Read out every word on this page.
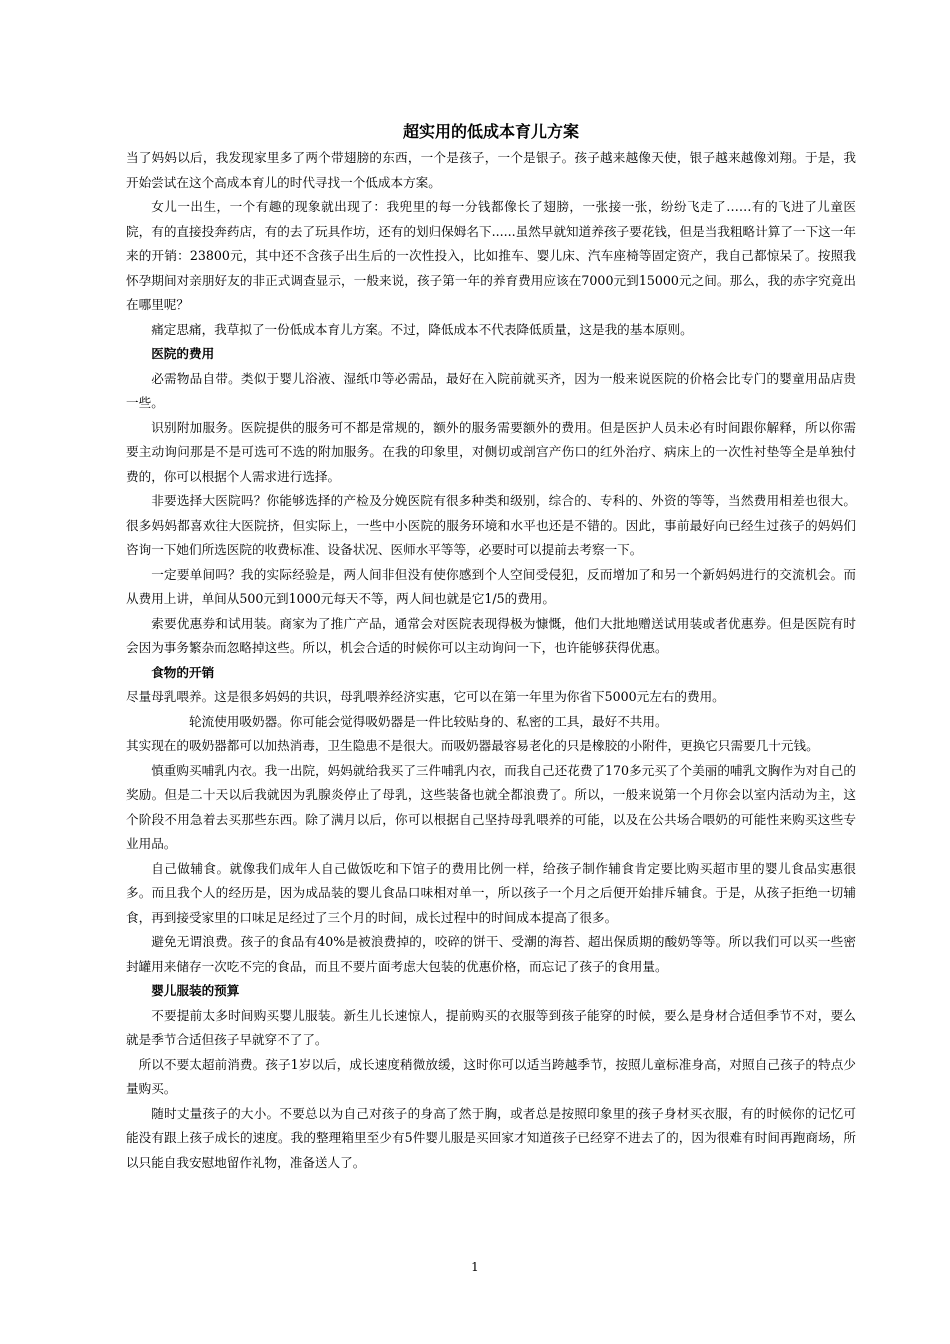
超实用的低成本育儿方案

当了妈妈以后，我发现家里多了两个带翅膀的东西，一个是孩子，一个是银子。孩子越来越像天使，银子越来越像刘翔。于是，我开始尝试在这个高成本育儿的时代寻找一个低成本方案。

女儿一出生，一个有趣的现象就出现了：我兜里的每一分钱都像长了翅膀，一张接一张，纷纷飞走了……有的飞进了儿童医院，有的直接投奔药店，有的去了玩具作坊，还有的划归保姆名下......虽然早就知道养孩子要花钱，但是当我粗略计算了一下这一年来的开销：23800元，其中还不含孩子出生后的一次性投入，比如推车、婴儿床、汽车座椅等固定资产，我自己都惊呆了。按照我怀孕期间对亲朋好友的非正式调查显示，一般来说，孩子第一年的养育费用应该在7000元到15000元之间。那么，我的赤字究竟出在哪里呢？

痛定思痛，我草拟了一份低成本育儿方案。不过，降低成本不代表降低质量，这是我的基本原则。

医院的费用

必需物品自带。类似于婴儿浴液、湿纸巾等必需品，最好在入院前就买齐，因为一般来说医院的价格会比专门的婴童用品店贵一些。

识别附加服务。医院提供的服务可不都是常规的，额外的服务需要额外的费用。但是医护人员未必有时间跟你解释，所以你需要主动询问那是不是可选可不选的附加服务。在我的印象里，对侧切或剖宫产伤口的红外治疗、病床上的一次性衬垫等全是单独付费的，你可以根据个人需求进行选择。

非要选择大医院吗？你能够选择的产检及分娩医院有很多种类和级别，综合的、专科的、外资的等等，当然费用相差也很大。很多妈妈都喜欢往大医院挤，但实际上，一些中小医院的服务环境和水平也还是不错的。因此，事前最好向已经生过孩子的妈妈们咨询一下她们所选医院的收费标准、设备状况、医师水平等等，必要时可以提前去考察一下。

一定要单间吗？我的实际经验是，两人间非但没有使你感到个人空间受侵犯，反而增加了和另一个新妈妈进行的交流机会。而从费用上讲，单间从500元到1000元每天不等，两人间也就是它1/5的费用。

索要优惠券和试用装。商家为了推广产品，通常会对医院表现得极为慷慨，他们大批地赠送试用装或者优惠券。但是医院有时会因为事务繁杂而忽略掉这些。所以，机会合适的时候你可以主动询问一下，也许能够获得优惠。

食物的开销

尽量母乳喂养。这是很多妈妈的共识，母乳喂养经济实惠，它可以在第一年里为你省下5000元左右的费用。

轮流使用吸奶器。你可能会觉得吸奶器是一件比较贴身的、私密的工具，最好不共用。

其实现在的吸奶器都可以加热消毒，卫生隐患不是很大。而吸奶器最容易老化的只是橡胶的小附件，更换它只需要几十元钱。

慎重购买哺乳内衣。我一出院，妈妈就给我买了三件哺乳内衣，而我自己还花费了170多元买了个美丽的哺乳文胸作为对自己的奖励。但是二十天以后我就因为乳腺炎停止了母乳，这些装备也就全都浪费了。所以，一般来说第一个月你会以室内活动为主，这个阶段不用急着去买那些东西。除了满月以后，你可以根据自己坚持母乳喂养的可能，以及在公共场合喂奶的可能性来购买这些专业用品。

自己做辅食。就像我们成年人自己做饭吃和下馆子的费用比例一样，给孩子制作辅食肯定要比购买超市里的婴儿食品实惠很多。而且我个人的经历是，因为成品装的婴儿食品口味相对单一，所以孩子一个月之后便开始排斥辅食。于是，从孩子拒绝一切辅食，再到接受家里的口味足足经过了三个月的时间，成长过程中的时间成本提高了很多。

避免无谓浪费。孩子的食品有40%是被浪费掉的，咬碎的饼干、受潮的海苔、超出保质期的酸奶等等。所以我们可以买一些密封罐用来储存一次吃不完的食品，而且不要片面考虑大包装的优惠价格，而忘记了孩子的食用量。

婴儿服装的预算

不要提前太多时间购买婴儿服装。新生儿长速惊人，提前购买的衣服等到孩子能穿的时候，要么是身材合适但季节不对，要么就是季节合适但孩子早就穿不了了。

所以不要太超前消费。孩子1岁以后，成长速度稍微放缓，这时你可以适当跨越季节，按照儿童标准身高，对照自己孩子的特点少量购买。

随时丈量孩子的大小。不要总以为自己对孩子的身高了然于胸，或者总是按照印象里的孩子身材买衣服，有的时候你的记忆可能没有跟上孩子成长的速度。我的整理箱里至少有5件婴儿服是买回家才知道孩子已经穿不进去了的，因为很难有时间再跑商场，所以只能自我安慰地留作礼物，准备送人了。

1
